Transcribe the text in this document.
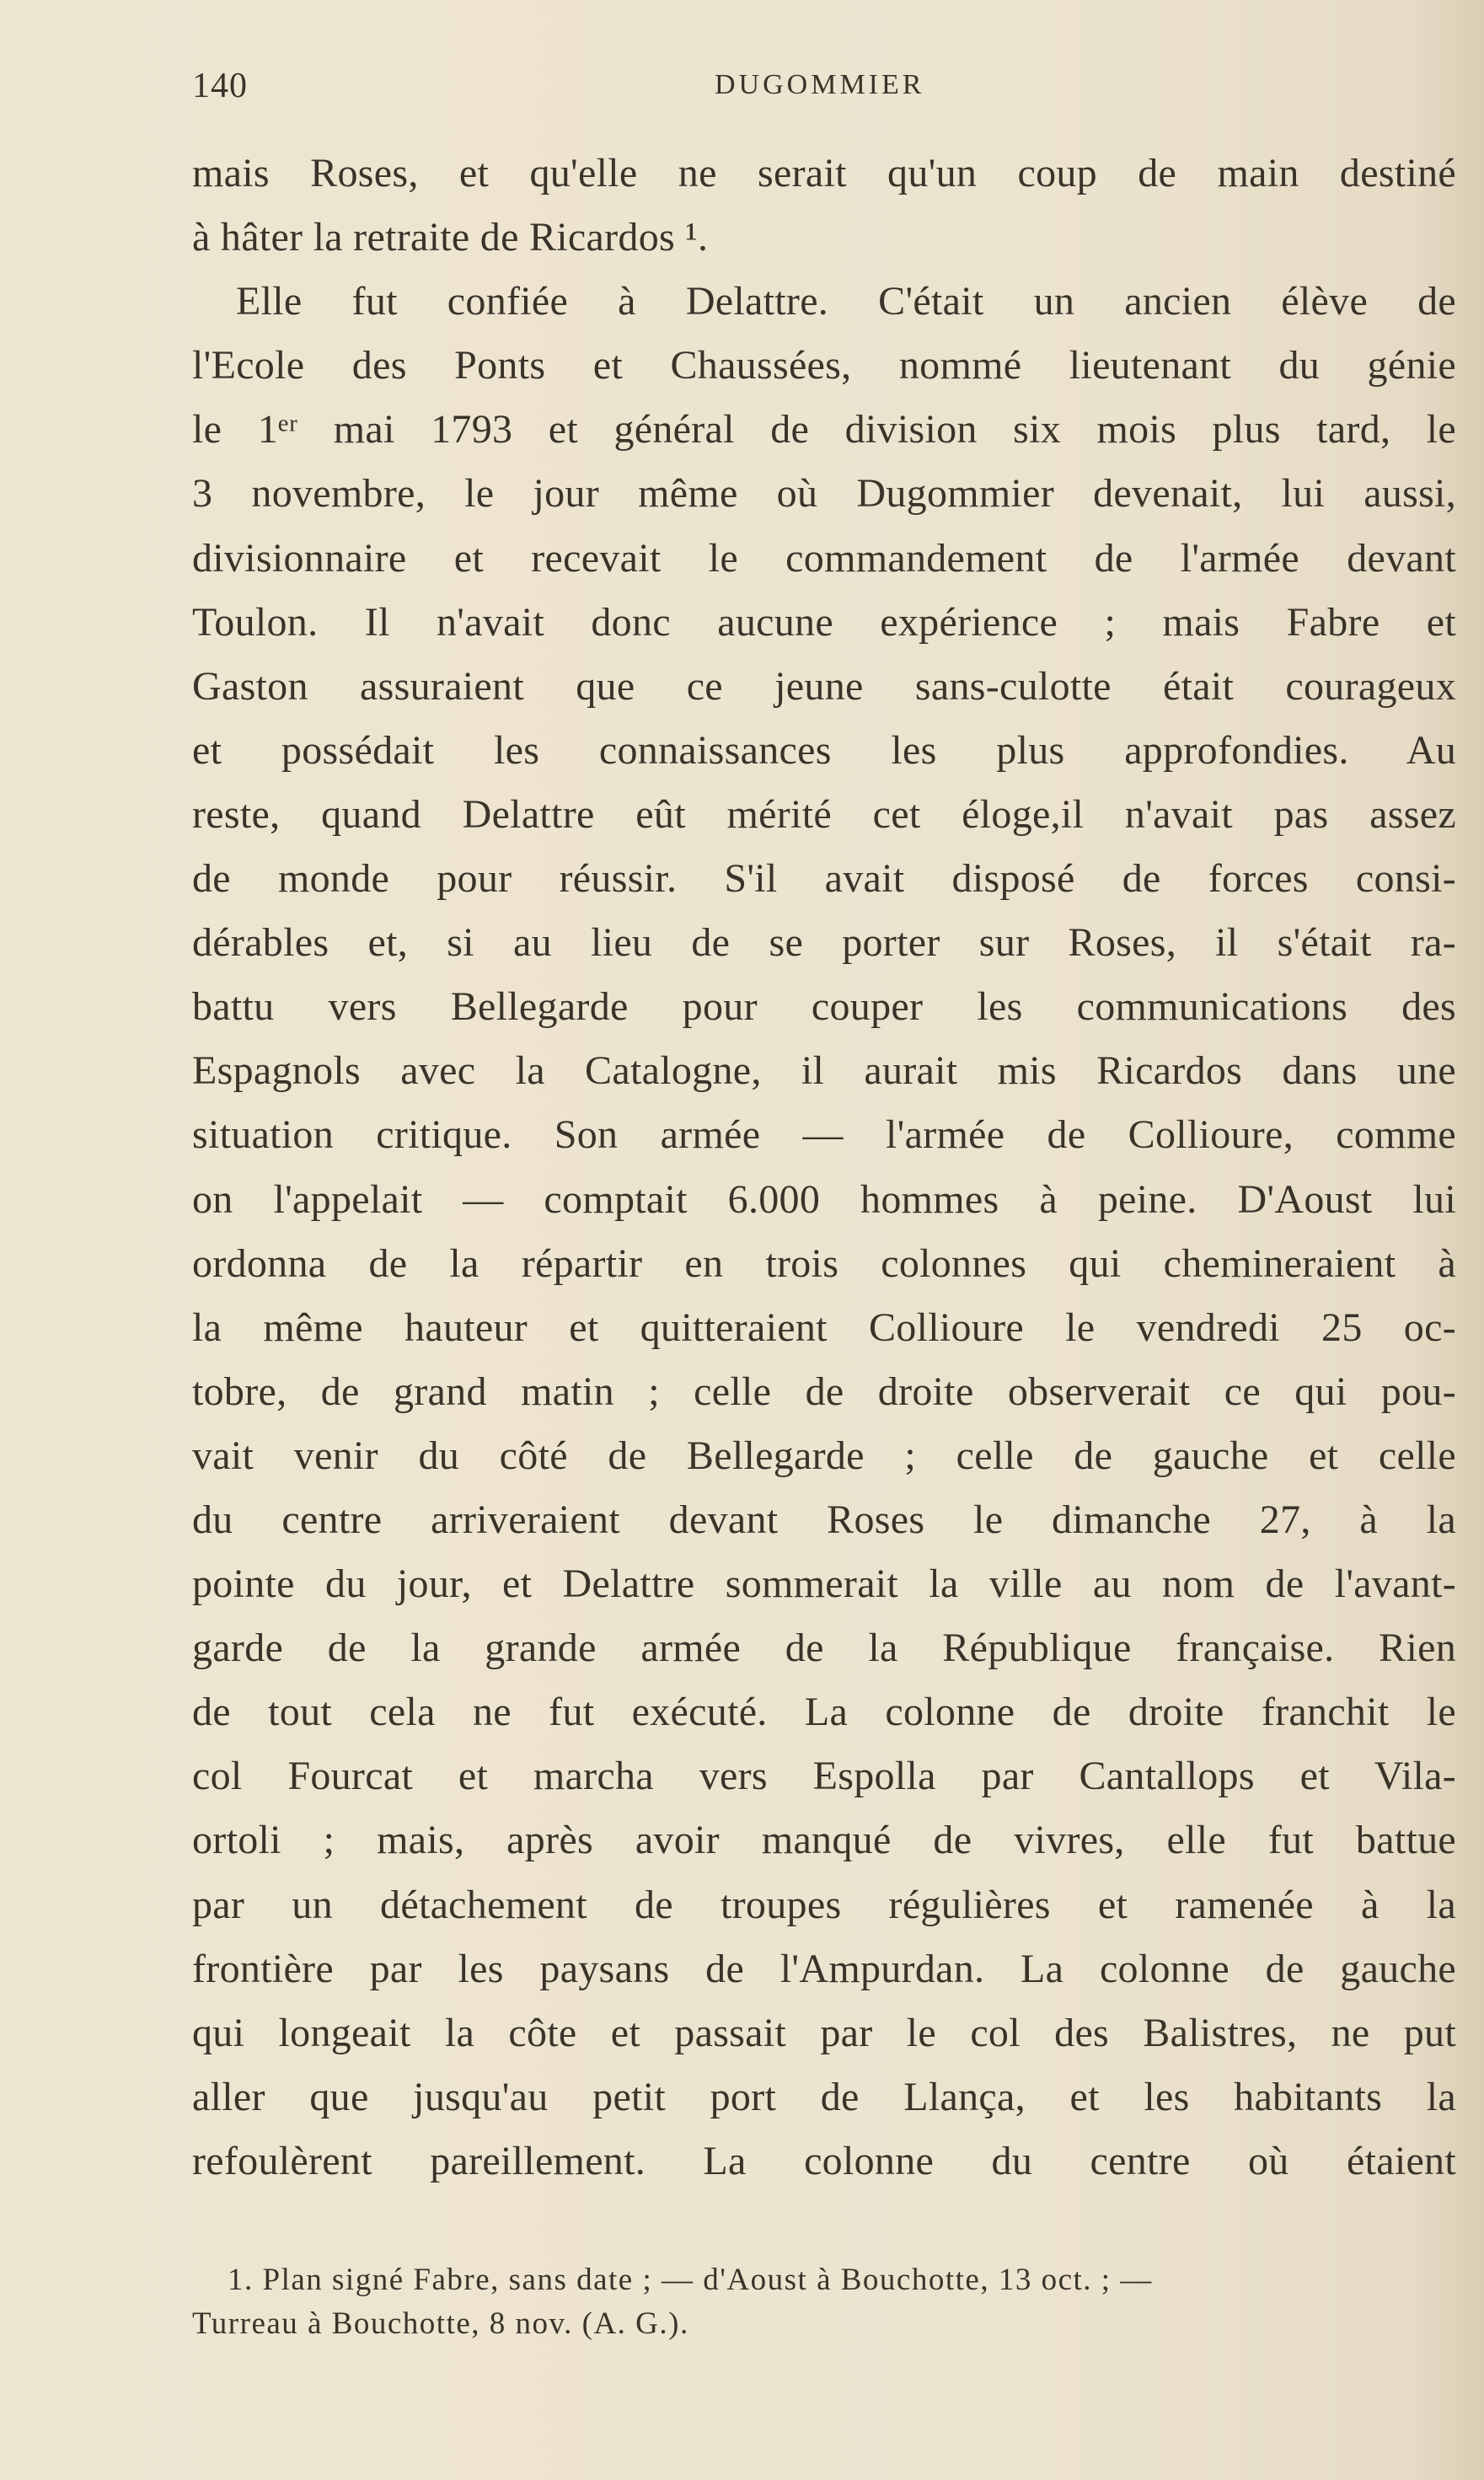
140	DUGOMMIER
mais Roses, et qu'elle ne serait qu'un coup de main destiné
à hâter la retraite de Ricardos ¹.
Elle fut confiée à Delattre. C'était un ancien élève de
l'Ecole des Ponts et Chaussées, nommé lieutenant du génie
le 1ᵉʳ mai 1793 et général de division six mois plus tard, le
3 novembre, le jour même où Dugommier devenait, lui aussi,
divisionnaire et recevait le commandement de l'armée devant
Toulon. Il n'avait donc aucune expérience ; mais Fabre et
Gaston assuraient que ce jeune sans-culotte était courageux
et possédait les connaissances les plus approfondies. Au
reste, quand Delattre eût mérité cet éloge,il n'avait pas assez
de monde pour réussir. S'il avait disposé de forces consi-
dérables et, si au lieu de se porter sur Roses, il s'était ra-
battu vers Bellegarde pour couper les communications des
Espagnols avec la Catalogne, il aurait mis Ricardos dans une
situation critique. Son armée — l'armée de Collioure, comme
on l'appelait — comptait 6.000 hommes à peine. D'Aoust lui
ordonna de la répartir en trois colonnes qui chemineraient à
la même hauteur et quitteraient Collioure le vendredi 25 oc-
tobre, de grand matin ; celle de droite observerait ce qui pou-
vait venir du côté de Bellegarde ; celle de gauche et celle
du centre arriveraient devant Roses le dimanche 27, à la
pointe du jour, et Delattre sommerait la ville au nom de l'avant-
garde de la grande armée de la République française. Rien
de tout cela ne fut exécuté. La colonne de droite franchit le
col Fourcat et marcha vers Espolla par Cantallops et Vila-
ortoli ; mais, après avoir manqué de vivres, elle fut battue
par un détachement de troupes régulières et ramenée à la
frontière par les paysans de l'Ampurdan. La colonne de gauche
qui longeait la côte et passait par le col des Balistres, ne put
aller que jusqu'au petit port de Llança, et les habitants la
refoulèrent pareillement. La colonne du centre où étaient
1. Plan signé Fabre, sans date ; — d'Aoust à Bouchotte, 13 oct. ; —
Turreau à Bouchotte, 8 nov. (A. G.).
